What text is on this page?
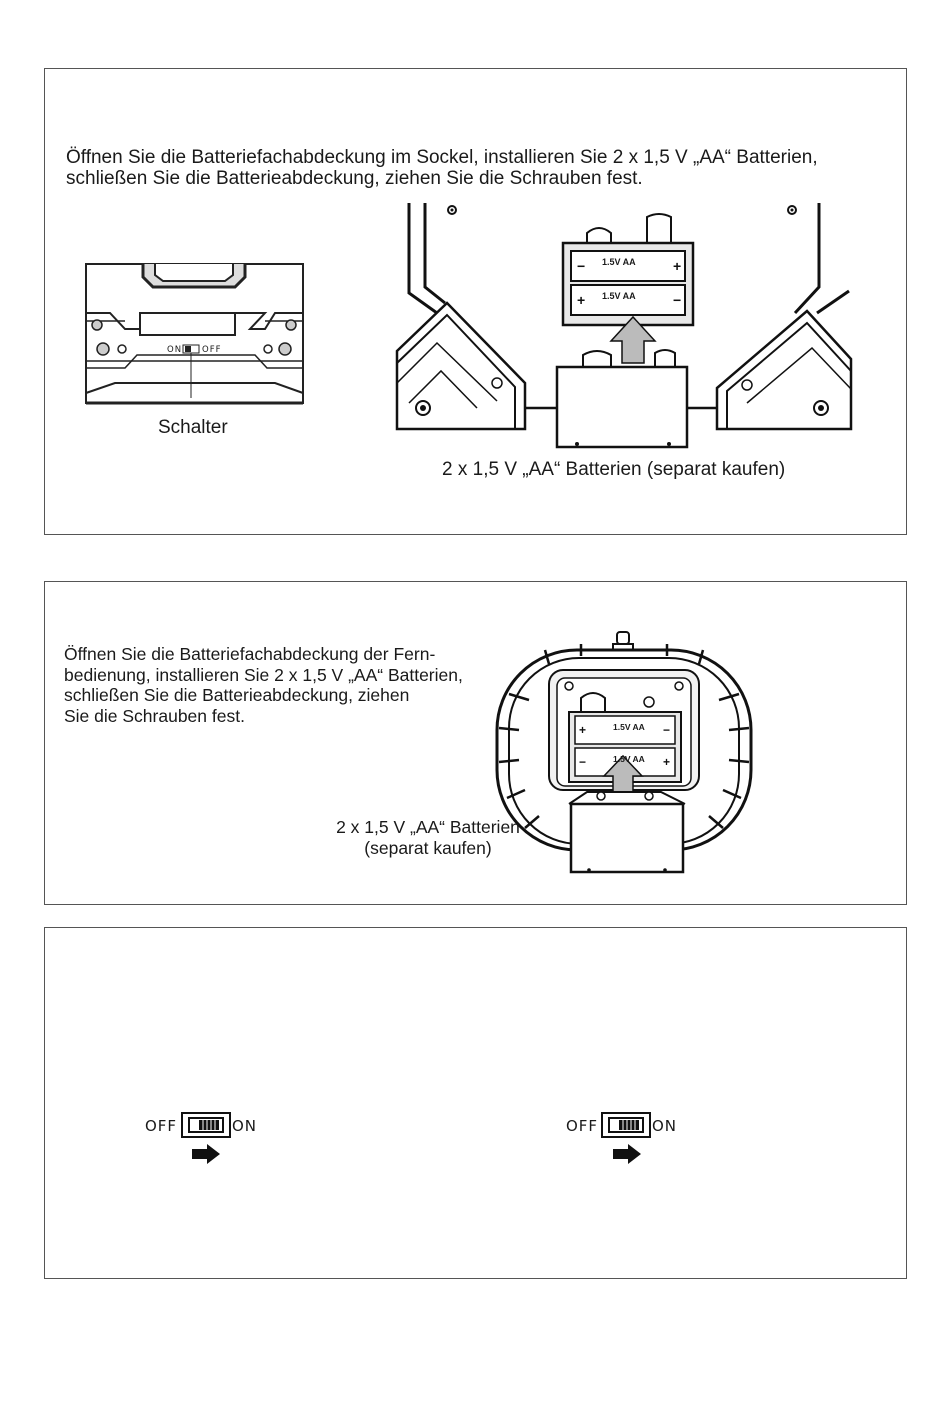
Öffnen Sie die Batteriefachabdeckung im Sockel, installieren Sie 2 x 1,5 V „AA“ Batterien,

schließen Sie die Batterieabdeckung, ziehen Sie die Schrauben fest.

ON OFF
Schalter
−	+
+	−
1.5V AA
1.5V AA
2 x 1,5 V „AA“ Batterien (separat kaufen)

Öffnen Sie die Batteriefachabdeckung der Fern-
bedienung, installieren Sie 2 x 1,5 V „AA“ Batterien,
schließen Sie die Batterieabdeckung, ziehen
Sie die Schrauben fest.

+	−
−	+
1.5V AA
1.5V AA
2 x 1,5 V „AA“ Batterien
(separat kaufen)
OFF	ON	OFF	ON
